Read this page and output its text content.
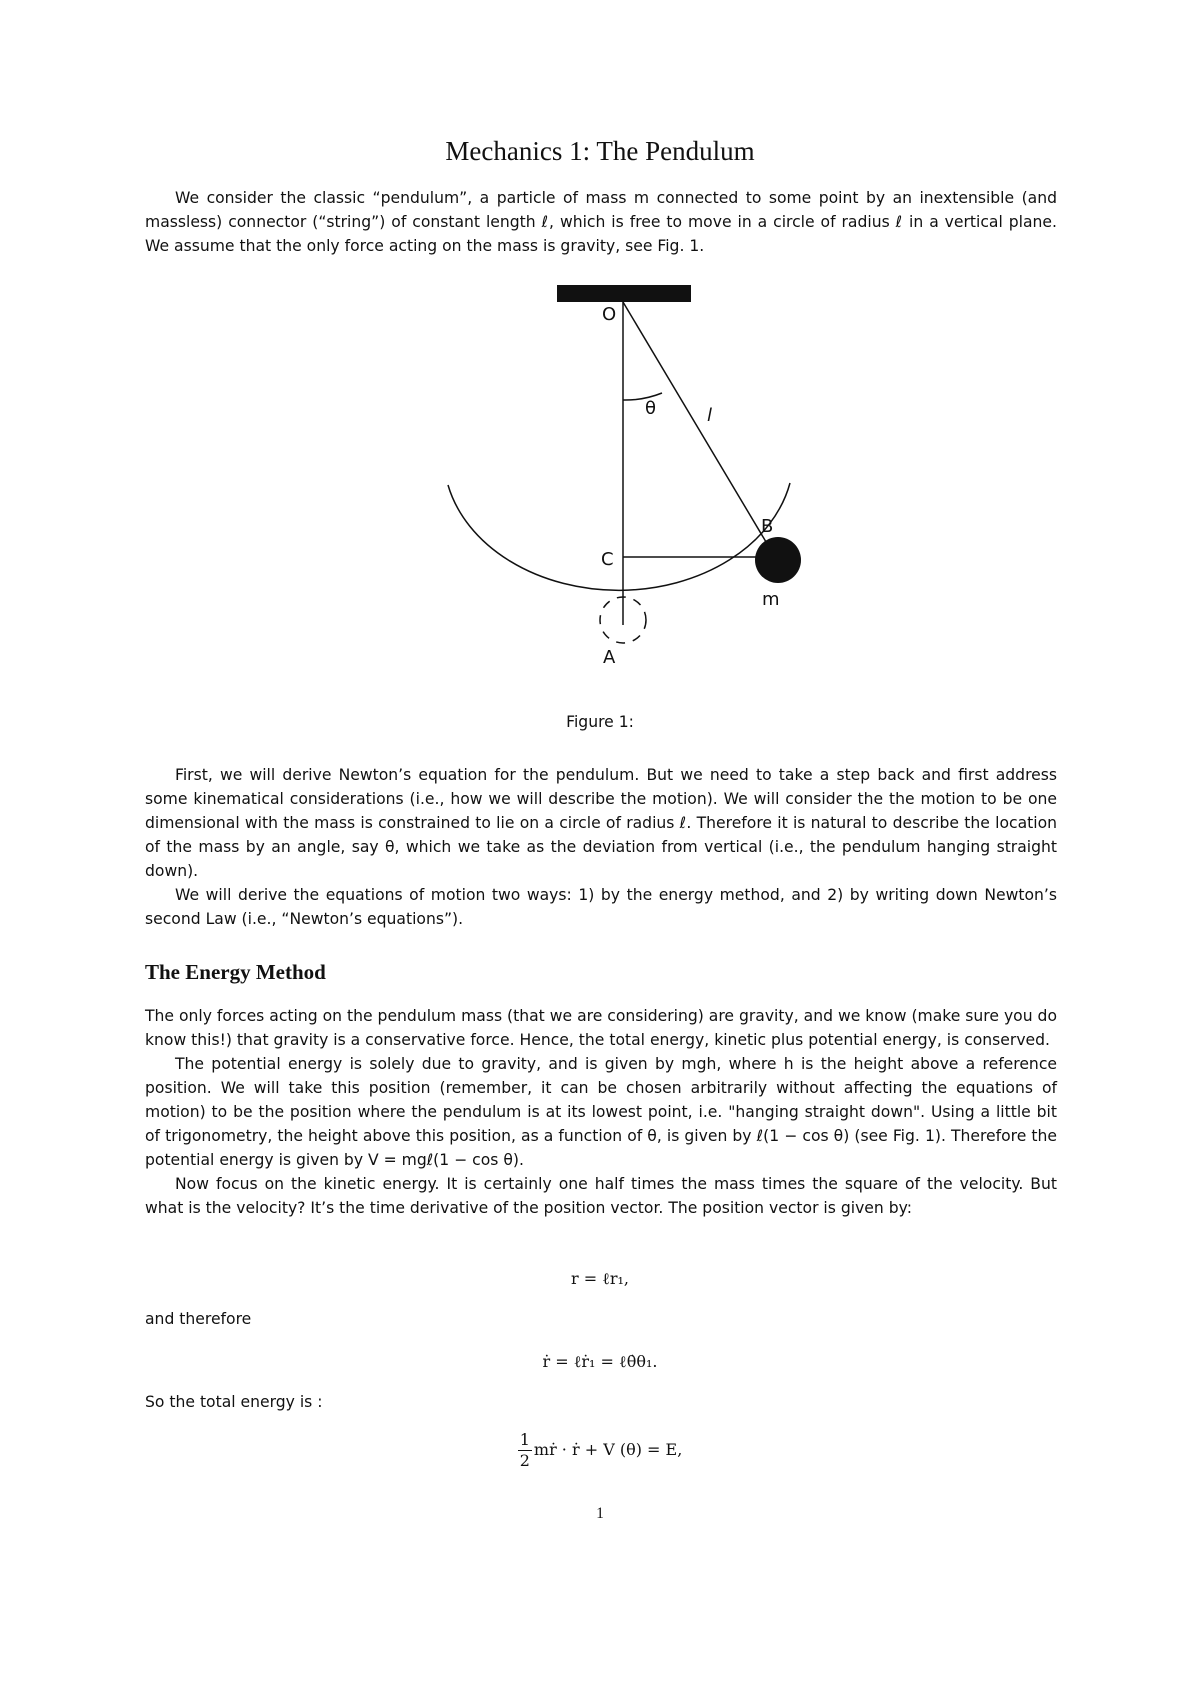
Mechanics 1: The Pendulum
We consider the classic “pendulum”, a particle of mass m connected to some point by an inextensible (and massless) connector (“string”) of constant length ℓ, which is free to move in a circle of radius ℓ in a vertical plane. We assume that the only force acting on the mass is gravity, see Fig. 1.
O
θ	l
B
C
m
A
Figure 1:

First, we will derive Newton’s equation for the pendulum. But we need to take a step back and first address some kinematical considerations (i.e., how we will describe the motion). We will consider the the motion to be one dimensional with the mass is constrained to lie on a circle of radius ℓ. Therefore it is natural to describe the location of the mass by an angle, say θ, which we take as the deviation from vertical (i.e., the pendulum hanging straight down).

We will derive the equations of motion two ways: 1) by the energy method, and 2) by writing down Newton’s second Law (i.e., “Newton’s equations”).

The Energy Method

The only forces acting on the pendulum mass (that we are considering) are gravity, and we know (make sure you do know this!) that gravity is a conservative force. Hence, the total energy, kinetic plus potential energy, is conserved.

The potential energy is solely due to gravity, and is given by mgh, where h is the height above a reference position. We will take this position (remember, it can be chosen arbitrarily without affecting the equations of motion) to be the position where the pendulum is at its lowest point, i.e. "hanging straight down". Using a little bit of trigonometry, the height above this position, as a function of θ, is given by ℓ(1 − cos θ) (see Fig. 1). Therefore the potential energy is given by V = mgℓ(1 − cos θ).

Now focus on the kinetic energy. It is certainly one half times the mass times the square of the velocity. But what is the velocity? It’s the time derivative of the position vector. The position vector is given by:

r = ℓr₁,
and therefore
ṙ = ℓṙ₁ = ℓθ̇θ₁.
So the total energy is :
$\frac{1}{2}$ mṙ · ṙ + V (θ) = E,
1
